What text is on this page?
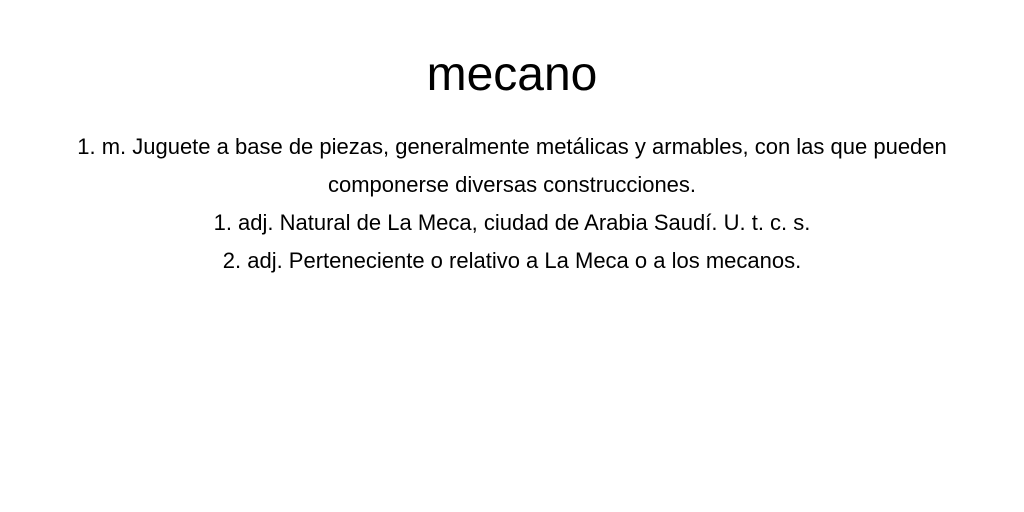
mecano

1. m. Juguete a base de piezas, generalmente metálicas y armables, con las que pueden componerse diversas construcciones.

1. adj. Natural de La Meca, ciudad de Arabia Saudí. U. t. c. s.

2. adj. Perteneciente o relativo a La Meca o a los mecanos.
